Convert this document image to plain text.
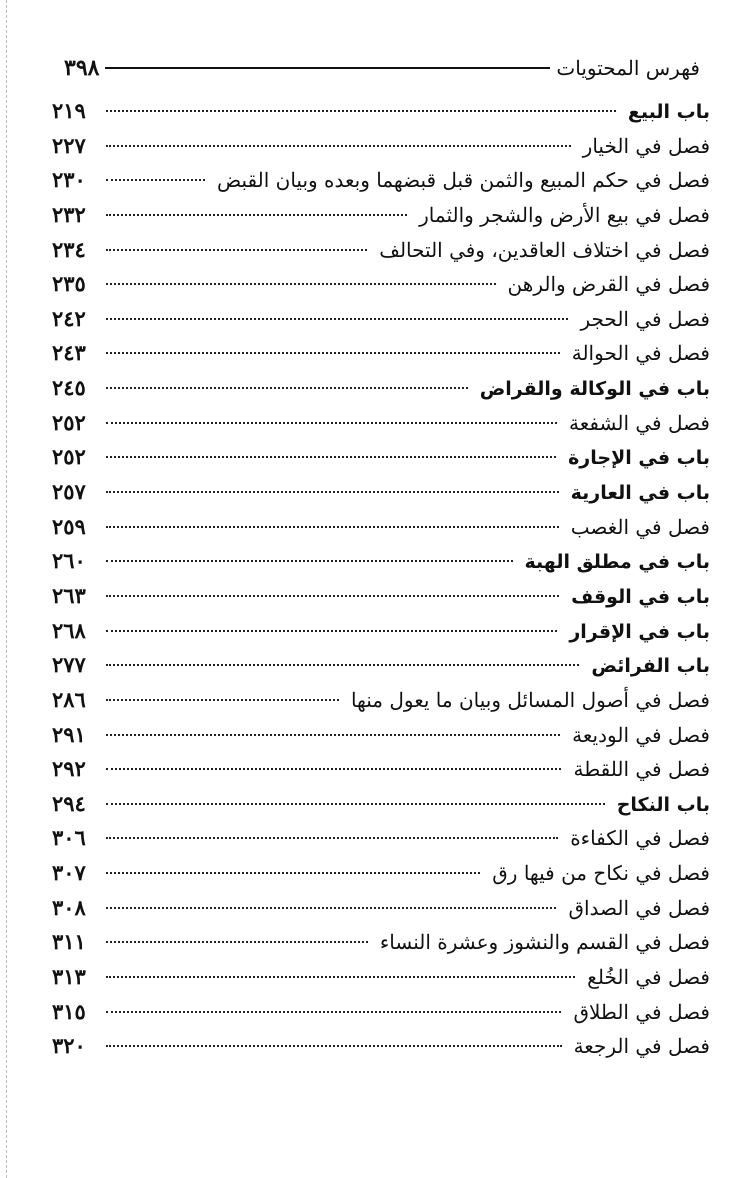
فهرس المحتويات
٣٩٨
باب البيع
٢١٩
فصل في الخيار
٢٢٧
فصل في حكم المبيع والثمن قبل قبضهما وبعده وبيان القبض
٢٣٠
فصل في بيع الأرض والشجر والثمار
٢٣٢
فصل في اختلاف العاقدين، وفي التحالف
٢٣٤
فصل في القرض والرهن
٢٣٥
فصل في الحجر
٢٤٢
فصل في الحوالة
٢٤٣
باب في الوكالة والقراض
٢٤٥
فصل في الشفعة
٢٥٢
باب في الإجارة
٢٥٢
باب في العارية
٢٥٧
فصل في الغصب
٢٥٩
باب في مطلق الهبة
٢٦٠
باب في الوقف
٢٦٣
باب في الإقرار
٢٦٨
باب الفرائض
٢٧٧
فصل في أصول المسائل وبيان ما يعول منها
٢٨٦
فصل في الوديعة
٢٩١
فصل في اللقطة
٢٩٢
باب النكاح
٢٩٤
فصل في الكفاءة
٣٠٦
فصل في نكاح من فيها رق
٣٠٧
فصل في الصداق
٣٠٨
فصل في القسم والنشوز وعشرة النساء
٣١١
فصل في الخُلع
٣١٣
فصل في الطلاق
٣١٥
فصل في الرجعة
٣٢٠
